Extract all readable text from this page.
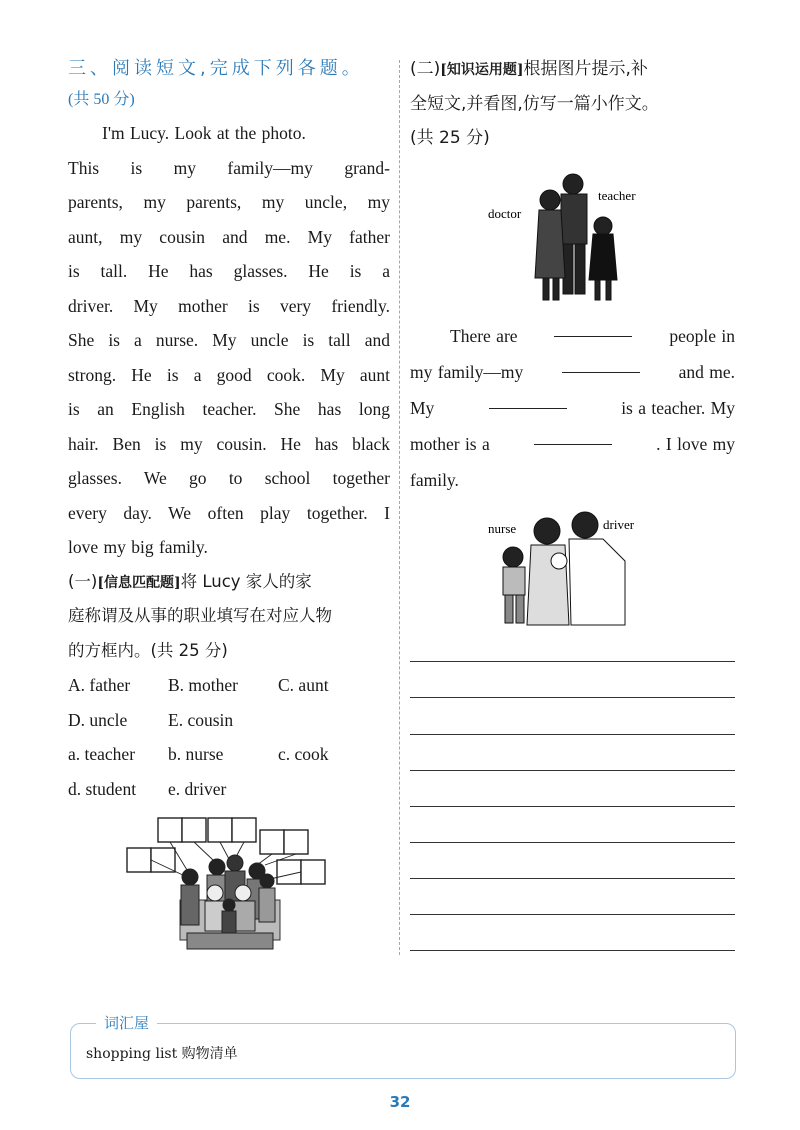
三、阅读短文,完成下列各题。
(共 50 分)
I'm Lucy. Look at the photo.
This is my family—my grand-
parents, my parents, my uncle, my
aunt, my cousin and me. My father
is tall. He has glasses. He is a
driver. My mother is very friendly.
She is a nurse. My uncle is tall and
strong. He is a good cook. My aunt
is an English teacher. She has long
hair. Ben is my cousin. He has black
glasses. We go to school together
every day. We often play together. I
love my big family.
(一)[信息匹配题]将 Lucy 家人的家
庭称谓及从事的职业填写在对应人物
的方框内。(共 25 分)
A. father B. mother C. aunt
D. uncle E. cousin
a. teacher b. nurse	c. cook
d. student e. driver
(二)[知识运用题]根据图片提示,补
全短文,并看图,仿写一篇小作文。
(共 25 分)
doctor
teacher
There are	people in
my family—my	and me.
My	is a teacher. My
mother is a	. I love my
family.
nurse	driver
词汇屋
shopping list 购物清单
32
